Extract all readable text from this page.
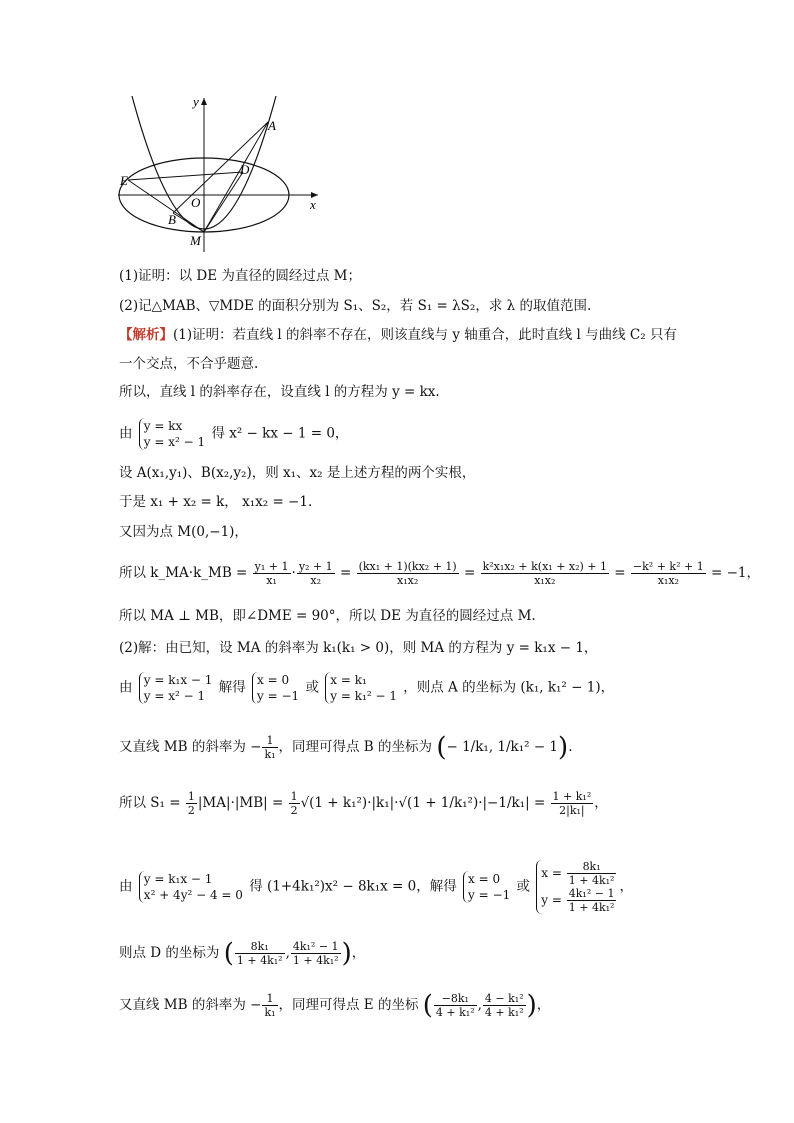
y
x
A
D
E
O
B
M
(1)证明：以 DE 为直径的圆经过点 M；
(2)记△MAB、▽MDE 的面积分别为 S₁、S₂，若 S₁ = λS₂，求 λ 的取值范围.
【解析】(1)证明：若直线 l 的斜率不存在，则该直线与 y 轴重合，此时直线 l 与曲线 C₂ 只有
一个交点，不合乎题意.
所以，直线 l 的斜率存在，设直线 l 的方程为 y = kx.
由 y = kx
y = x² − 1
得 x² − kx − 1 = 0，
设 A(x₁,y₁)、B(x₂,y₂)，则 x₁、x₂ 是上述方程的两个实根，
于是 x₁ + x₂ = k， x₁x₂ = −1.
又因为点 M(0,−1)，
所以 k_MA·k_MB = $\frac{\text{y₁ + 1}}{\text{x₁}} \cdot \frac{\text{y₂ + 1}}{\text{x₂}} = \frac{\text{(kx₁ + 1)(kx₂ + 1)}}{\text{x₁x₂}} = \frac{\text{k²x₁x₂ + k(x₁ + x₂) + 1}}{\text{x₁x₂}} = \frac{\text{−k² + k² + 1}}{\text{x₁x₂}} = -1$，
所以 MA ⊥ MB，即∠DME = 90°，所以 DE 为直径的圆经过点 M.
(2)解：由已知，设 MA 的斜率为 k₁(k₁ > 0)，则 MA 的方程为 y = k₁x − 1，
由 y = k₁x − 1
y = x² − 1
解得 x = 0
y = −1
或 x = k₁
y = k₁² − 1
，则点 A 的坐标为 (k₁, k₁² − 1)，
又直线 MB 的斜率为 − $\frac{1}{\text{k₁}}$ ，同理可得点 B 的坐标为 (− 1/k₁, 1/k₁² − 1).
所以 $S_1 = \frac{1}{2} |MA|\cdot|MB| = \frac{1}{2} √(1 + k_1^2)\cdot|k_1|\cdot√(1 + 1/k_1^2)\cdot|-1/k_1| = \frac{\text{1 + k₁²}}{\text{2|k₁|}}$ ，
由 y = k₁x − 1
x² + 4y² − 4 = 0
得 (1+4k₁²)x² − 8k₁x = 0，解得 x = 0
y = −1
或
$x = \frac{\text{8k₁}}{\text{1 + 4k₁²}}$
$y = \frac{\text{4k₁² − 1}}{\text{1 + 4k₁²}}$
，
则点 D 的坐标为 ( $\frac{\text{8k₁}}{\text{1 + 4k₁²}}$ , $\frac{\text{4k₁² − 1}}{\text{1 + 4k₁²}}$ )，
又直线 MB 的斜率为 − $\frac{1}{\text{k₁}}$ ，同理可得点 E 的坐标 ( $\frac{\text{−8k₁}}{\text{4 + k₁²}}$ , $\frac{\text{4 − k₁²}}{\text{4 + k₁²}}$ )，
